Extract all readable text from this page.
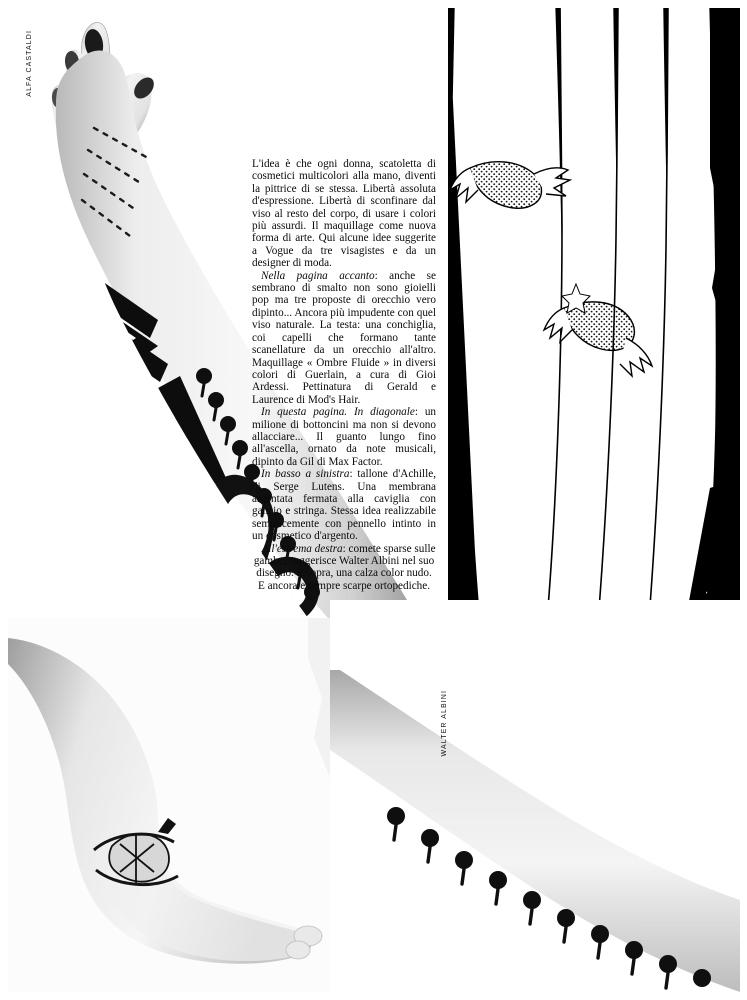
ALFA CASTALDI
WALTER ALBINI

L'idea è che ogni donna, scatoletta di cosmetici multicolori alla mano, diventi la pittrice di se stessa. Libertà assoluta d'espressione. Libertà di sconfinare dal viso al resto del corpo, di usare i colori più assurdi. Il maquillage come nuova forma di arte. Qui alcune idee suggerite a Vogue da tre visagistes e da un designer di moda.

Nella pagina accanto: anche se sembrano di smalto non sono gioielli pop ma tre proposte di orecchio vero dipinto... Ancora più impudente con quel viso naturale. La testa: una conchiglia, coi capelli che formano tante scanellature da un orecchio all'altro. Maquillage « Ombre Fluide » in diversi colori di Guerlain, a cura di Gioi Ardessi. Pettinatura di Gerald e Laurence di Mod's Hair.

In questa pagina. In diagonale: un milione di bottoncini ma non si devono allacciare... Il guanto lungo fino all'ascella, ornato da note musicali, dipinto da Gil di Max Factor.

In basso a sinistra: tallone d'Achille, di Serge Lutens. Una membrana argentata fermata alla caviglia con gancio e stringa. Stessa idea realizzabile semplicemente con pennello intinto in un cosmetico d'argento.

All'estrema destra: comete sparse sulle gambe, suggerisce Walter Albini nel suo disegno. E sopra, una calza color nudo. E ancora e sempre scarpe ortopediche.
